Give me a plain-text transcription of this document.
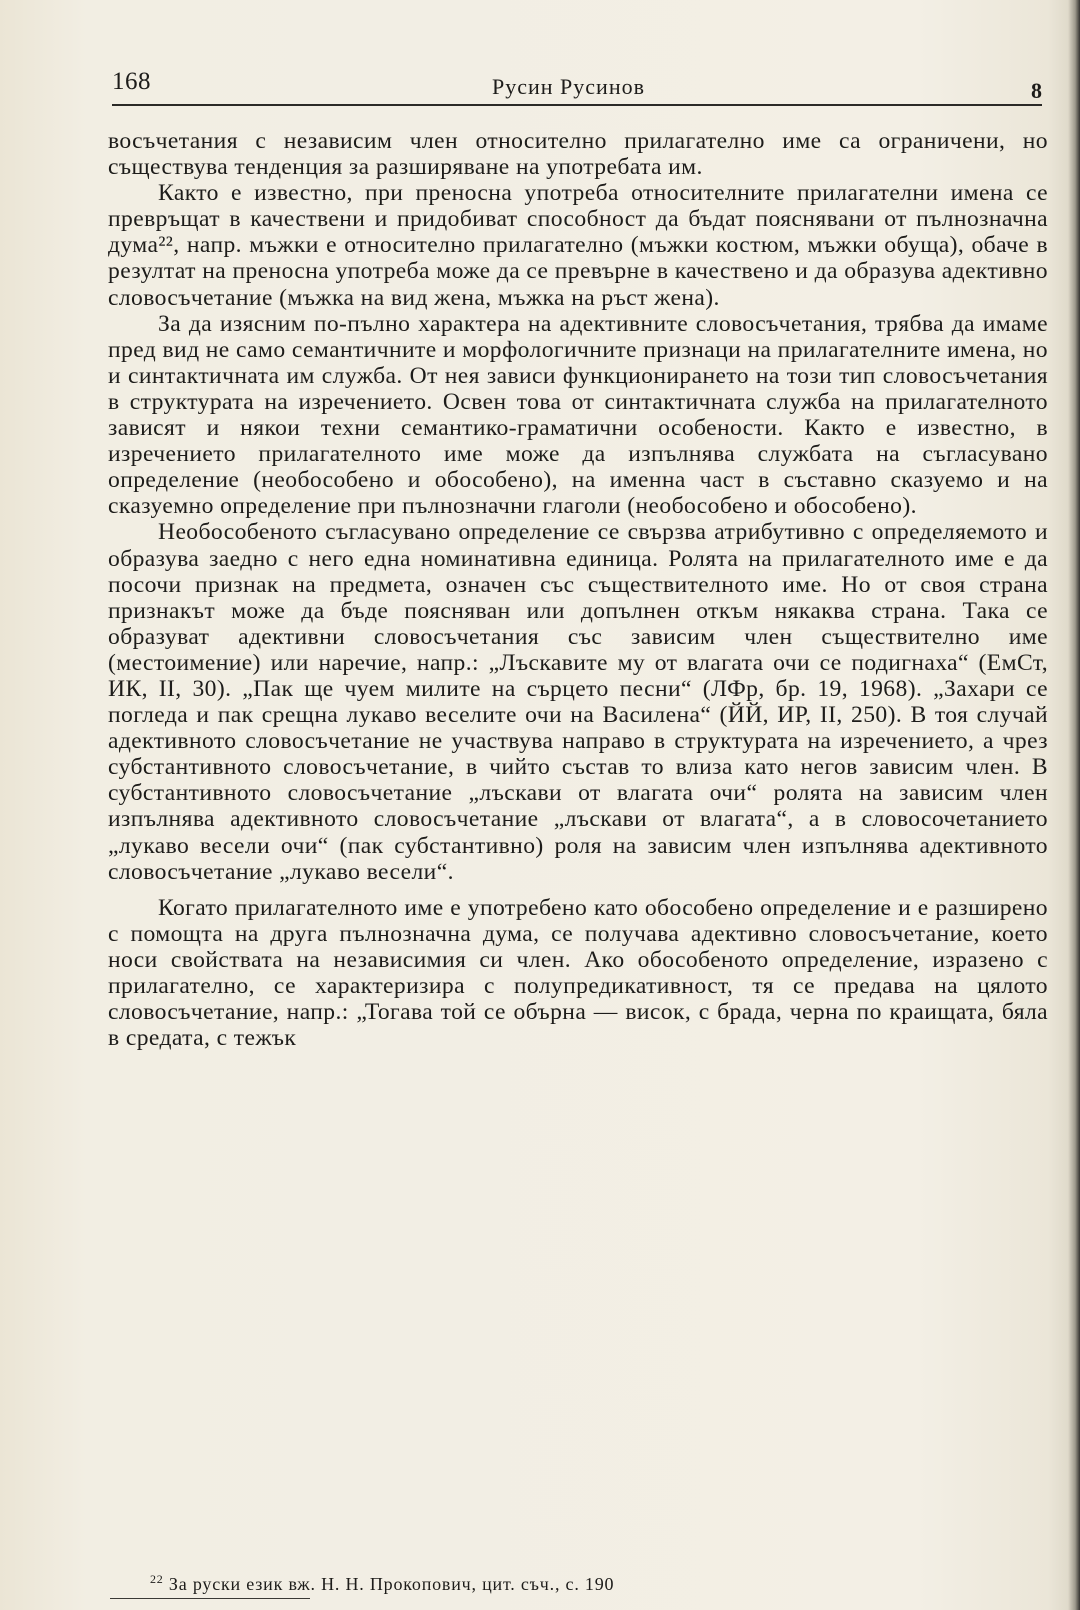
168	Русин Русинов	8

восъчетания с независим член относително прилагателно име са ограничени, но съществува тенденция за разширяване на употребата им.

Както е известно, при преносна употреба относителните прилагателни имена се превръщат в качествени и придобиват способност да бъдат пояснявани от пълнозначна дума²², напр. мъжки е относително прилагателно (мъжки костюм, мъжки обуща), обаче в резултат на преносна употреба може да се превърне в качествено и да образува адективно словосъчетание (мъжка на вид жена, мъжка на ръст жена).

За да изясним по-пълно характера на адективните словосъчетания, трябва да имаме пред вид не само семантичните и морфологичните признаци на прилагателните имена, но и синтактичната им служба. От нея зависи функционирането на този тип словосъчетания в структурата на изречението. Освен това от синтактичната служба на прилагателното зависят и някои техни семантико-граматични особености. Както е известно, в изречението прилагателното име може да изпълнява службата на съгласувано определение (необособено и обособено), на именна част в съставно сказуемо и на сказуемно определение при пълнозначни глаголи (необособено и обособено).

Необособеното съгласувано определение се свързва атрибутивно с определяемото и образува заедно с него една номинативна единица. Ролята на прилагателното име е да посочи признак на предмета, означен със съществителното име. Но от своя страна признакът може да бъде поясняван или допълнен откъм някаква страна. Така се образуват адективни словосъчетания със зависим член съществително име (местоимение) или наречие, напр.: „Лъскавите му от влагата очи се подигнаха“ (ЕмСт, ИК, II, 30). „Пак ще чуем милите на сърцето песни“ (ЛФр, бр. 19, 1968). „Захари се погледа и пак срещна лукаво веселите очи на Василена“ (ЙЙ, ИР, II, 250). В тоя случай адективното словосъчетание не участвува направо в структурата на изречението, а чрез субстантивното словосъчетание, в чийто състав то влиза като негов зависим член. В субстантивното словосъчетание „лъскави от влагата очи“ ролята на зависим член изпълнява адективното словосъчетание „лъскави от влагата“, а в словосочетанието „лукаво весели очи“ (пак субстантивно) роля на зависим член изпълнява адективното словосъчетание „лукаво весели“.

Когато прилагателното име е употребено като обособено определение и е разширено с помощта на друга пълнозначна дума, се получава адективно словосъчетание, което носи свойствата на независимия си член. Ако обособеното определение, изразено с прилагателно, се характеризира с полупредикативност, тя се предава на цялото словосъчетание, напр.: „Тогава той се обърна — висок, с брада, черна по краищата, бяла в средата, с тежък

$^{22}$ За руски език вж. Н. Н. Прокопович, цит. съч., с. 190
